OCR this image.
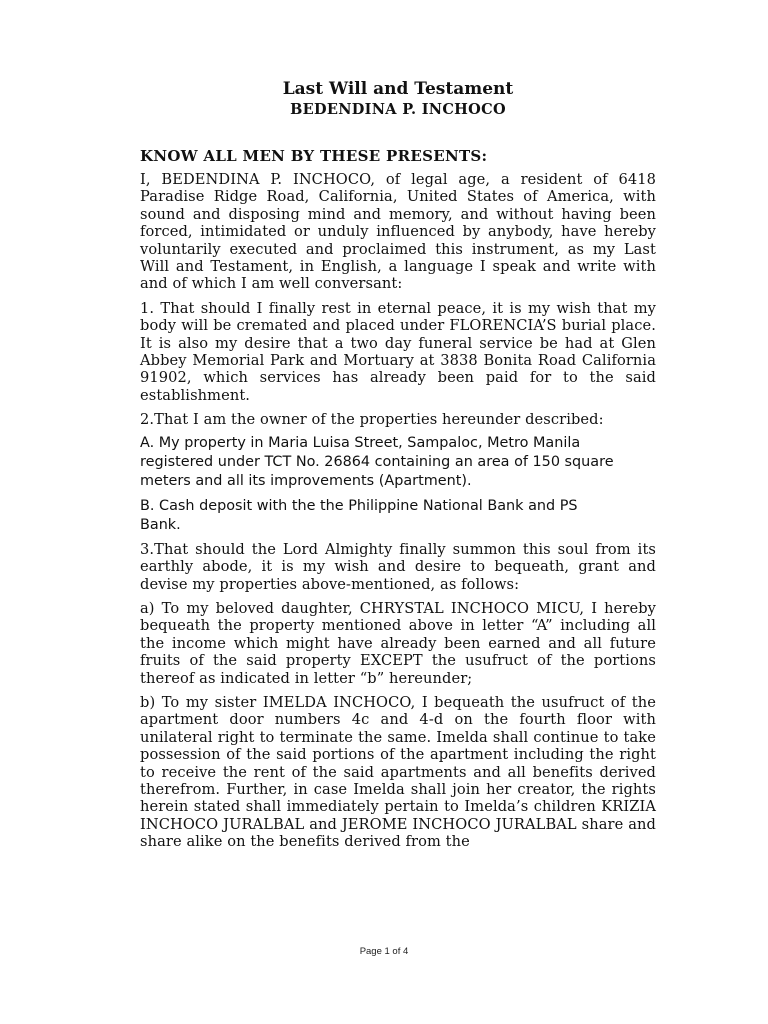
Last Will and Testament
BEDENDINA P. INCHOCO
KNOW ALL MEN BY THESE PRESENTS:

I, BEDENDINA P. INCHOCO, of legal age, a resident of 6418 Paradise Ridge Road, California, United States of America, with sound and disposing mind and memory, and without having been forced, intimidated or unduly influenced by anybody, have hereby voluntarily executed and proclaimed this instrument, as my Last Will and Testament, in English, a language I speak and write with and of which I am well conversant:

1. That should I finally rest in eternal peace, it is my wish that my body will be cremated and placed under FLORENCIA’S burial place. It is also my desire that a two day funeral service be had at Glen Abbey Memorial Park and Mortuary at 3838 Bonita Road California 91902, which services has already been paid for to the said establishment.

2.That I am the owner of the properties hereunder described:

A. My property in Maria Luisa Street, Sampaloc, Metro Manila registered under TCT No. 26864 containing an area of 150 square meters and all its improvements (Apartment).

B. Cash deposit with the the Philippine National Bank and PS Bank.

3.That should the Lord Almighty finally summon this soul from its earthly abode, it is my wish and desire to bequeath, grant and devise my properties above-mentioned, as follows:

a) To my beloved daughter, CHRYSTAL INCHOCO MICU, I hereby bequeath the property mentioned above in letter “A” including all the income which might have already been earned and all future fruits of the said property EXCEPT the usufruct of the portions thereof as indicated in letter “b” hereunder;

b) To my sister IMELDA INCHOCO, I bequeath the usufruct of the apartment door numbers 4c and 4-d on the fourth floor with unilateral right to terminate the same. Imelda shall continue to take possession of the said portions of the apartment including the right to receive the rent of the said apartments and all benefits derived therefrom. Further, in case Imelda shall join her creator, the rights herein stated shall immediately pertain to Imelda’s children KRIZIA INCHOCO JURALBAL and JEROME INCHOCO JURALBAL share and share alike on the benefits derived from the

Page 1 of 4
